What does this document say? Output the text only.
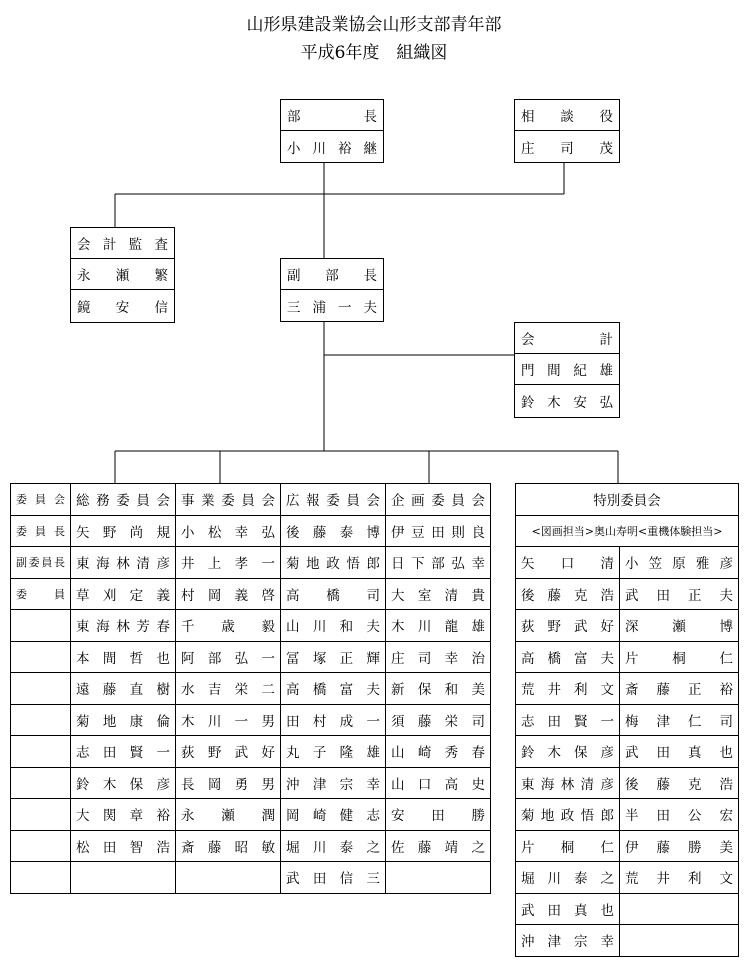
山形県建設業協会山形支部青年部
平成6年度　組織図
部長
小川裕継
相談役
庄司茂
会計監査
永瀬繁
鏡安信
副部長
三浦一夫
会計
門間紀雄
鈴木安弘
委員会	総務委員会	事業委員会	広報委員会	企画委員会
委員長	矢野尚規	小松幸弘	後藤泰博	伊豆田則良
副委員長	東海林清彦	井上孝一	菊地政悟郎	日下部弘幸
委員	草刈定義	村岡義啓	高橋司	大室清貴
	東海林芳春	千歳毅	山川和夫	木川龍雄
	本間哲也	阿部弘一	冨塚正輝	庄司幸治
	遠藤直樹	水吉栄二	高橋富夫	新保和美
	菊地康倫	木川一男	田村成一	須藤栄司
	志田賢一	荻野武好	丸子隆雄	山崎秀春
	鈴木保彦	長岡勇男	沖津宗幸	山口高史
	大関章裕	永瀬潤	岡崎健志	安田勝
	松田智浩	斎藤昭敏	堀川泰之	佐藤靖之
			武田信三	
特別委員会	
<図画担当>奥山寿明<重機体験担当>	
矢口清	小笠原雅彦
後藤克浩	武田正夫
荻野武好	深瀬博
高橋富夫	片桐仁
荒井利文	斎藤正裕
志田賢一	梅津仁司
鈴木保彦	武田真也
東海林清彦	後藤克浩
菊地政悟郎	半田公宏
片桐仁	伊藤勝美
堀川泰之	荒井利文
武田真也	
沖津宗幸	
